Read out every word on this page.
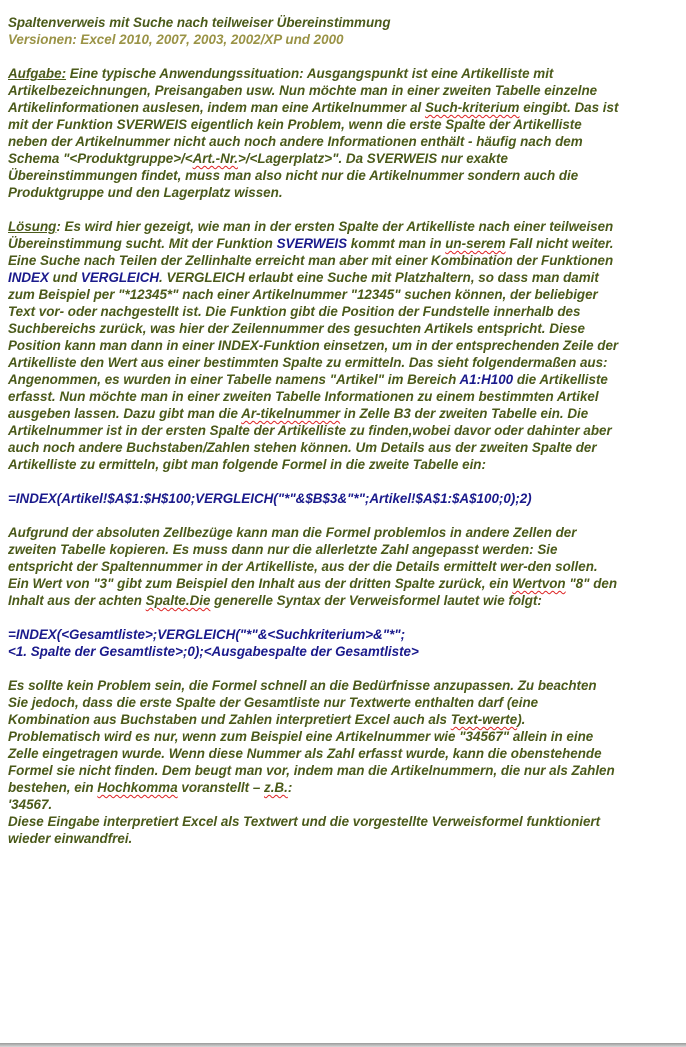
Spaltenverweis mit Suche nach teilweiser Übereinstimmung

Versionen: Excel 2010, 2007, 2003, 2002/XP und 2000

Aufgabe: Eine typische Anwendungssituation: Ausgangspunkt ist eine Artikelliste mit Artikelbezeichnungen, Preisangaben usw. Nun möchte man in einer zweiten Tabelle einzelne Artikelinformationen auslesen, indem man eine Artikelnummer al Such-kriterium eingibt. Das ist mit der Funktion SVERWEIS eigentlich kein Problem, wenn die erste Spalte der Artikelliste neben der Artikelnummer nicht auch noch andere Informationen enthält - häufig nach dem Schema "<Produktgruppe>/<Art.-Nr.>/<Lagerplatz>". Da SVERWEIS nur exakte Übereinstimmungen findet, muss man also nicht nur die Artikelnummer sondern auch die Produktgruppe und den Lagerplatz wissen.

Lösung: Es wird hier gezeigt, wie man in der ersten Spalte der Artikelliste nach einer teilweisen Übereinstimmung sucht. Mit der Funktion SVERWEIS kommt man in un-serem Fall nicht weiter. Eine Suche nach Teilen der Zellinhalte erreicht man aber mit einer Kombination der Funktionen INDEX und VERGLEICH. VERGLEICH erlaubt eine Suche mit Platzhaltern, so dass man damit zum Beispiel per "*12345*" nach einer Artikelnummer "12345" suchen können, der beliebiger Text vor- oder nachgestellt ist. Die Funktion gibt die Position der Fundstelle innerhalb des Suchbereichs zurück, was hier der Zeilennummer des gesuchten Artikels entspricht. Diese Position kann man dann in einer INDEX-Funktion einsetzen, um in der entsprechenden Zeile der Artikelliste den Wert aus einer bestimmten Spalte zu ermitteln. Das sieht folgendermaßen aus: Angenommen, es wurden in einer Tabelle namens "Artikel" im Bereich A1:H100 die Artikelliste erfasst. Nun möchte man in einer zweiten Tabelle Informationen zu einem bestimmten Artikel ausgeben lassen. Dazu gibt man die Ar-tikelnummer in Zelle B3 der zweiten Tabelle ein. Die Artikelnummer ist in der ersten Spalte der Artikelliste zu finden,wobei davor oder dahinter aber auch noch andere Buchstaben/Zahlen stehen können. Um Details aus der zweiten Spalte der Artikelliste zu ermitteln, gibt man folgende Formel in die zweite Tabelle ein:

=INDEX(Artikel!$A$1:$H$100;VERGLEICH("*"&$B$3&"*";Artikel!$A$1:$A$100;0);2)

Aufgrund der absoluten Zellbezüge kann man die Formel problemlos in andere Zellen der zweiten Tabelle kopieren. Es muss dann nur die allerletzte Zahl angepasst werden: Sie entspricht der Spaltennummer in der Artikelliste, aus der die Details ermittelt wer-den sollen. Ein Wert von "3" gibt zum Beispiel den Inhalt aus der dritten Spalte zurück, ein Wertvon "8" den Inhalt aus der achten Spalte.Die generelle Syntax der Verweisformel lautet wie folgt:

=INDEX(<Gesamtliste>;VERGLEICH("*"&<Suchkriterium>&"*";

<1. Spalte der Gesamtliste>;0);<Ausgabespalte der Gesamtliste>

Es sollte kein Problem sein, die Formel schnell an die Bedürfnisse anzupassen. Zu beachten Sie jedoch, dass die erste Spalte der Gesamtliste nur Textwerte enthalten darf (eine Kombination aus Buchstaben und Zahlen interpretiert Excel auch als Text-werte). Problematisch wird es nur, wenn zum Beispiel eine Artikelnummer wie "34567" allein in eine Zelle eingetragen wurde. Wenn diese Nummer als Zahl erfasst wurde, kann die obenstehende Formel sie nicht finden. Dem beugt man vor, indem man die Artikelnummern, die nur als Zahlen bestehen, ein Hochkomma voranstellt – z.B.:
'34567.
Diese Eingabe interpretiert Excel als Textwert und die vorgestellte Verweisformel funktioniert wieder einwandfrei.
